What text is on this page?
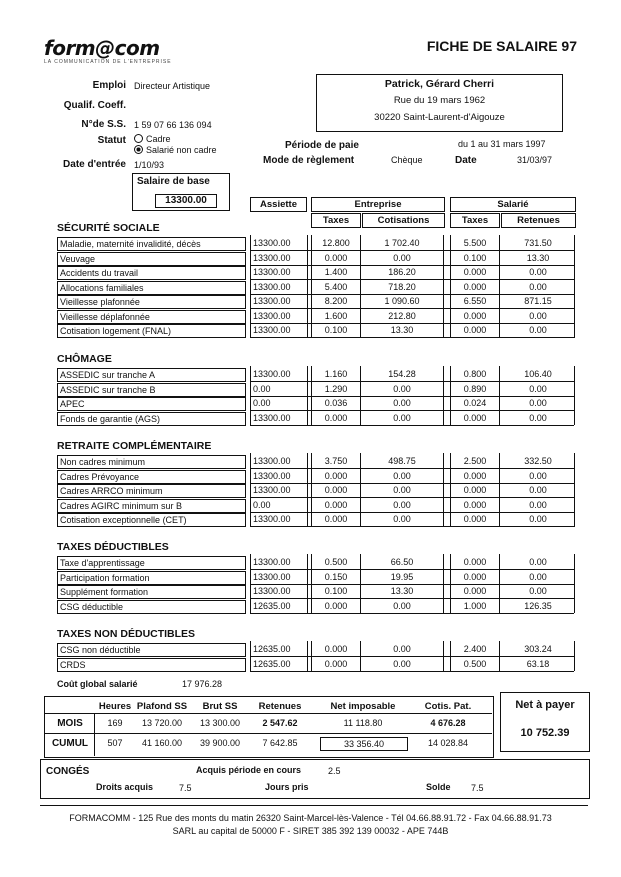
form@com
LA COMMUNICATION DE L'ENTREPRISE
FICHE DE SALAIRE 97
Emploi Directeur Artistique
Qualif. Coeff.
N°de S.S. 1 59 07 66 136 094
Statut	Cadre
Salarié non cadre
Date d'entrée 1/10/93
Patrick, Gérard Cherri
Rue du 19 mars 1962
30220 Saint-Laurent-d'Aigouze
Période de paie	du 1 au 31 mars 1997
Mode de règlement	Chèque	Date	31/03/97
Salaire de base
13300.00	Assiette	Entreprise	Salarié
Taxes	Cotisations	Taxes	Retenues
SÉCURITÉ SOCIALE
Maladie, maternité invalidité, décès	13300.00	12.800	1 702.40	5.500	731.50
Veuvage	13300.00	0.000	0.00	0.100	13.30
Accidents du travail	13300.00	1.400	186.20	0.000	0.00
Allocations familiales	13300.00	5.400	718.20	0.000	0.00
Vieillesse plafonnée	13300.00	8.200	1 090.60	6.550	871.15
Vieillesse déplafonnée	13300.00	1.600	212.80	0.000	0.00
Cotisation logement (FNAL)	13300.00	0.100	13.30	0.000	0.00
CHÔMAGE
ASSEDIC sur tranche A	13300.00	1.160	154.28	0.800	106.40
ASSEDIC sur tranche B	0.00	1.290	0.00	0.890	0.00
APEC	0.00	0.036	0.00	0.024	0.00
Fonds de garantie (AGS)	13300.00	0.000	0.00	0.000	0.00
RETRAITE COMPLÉMENTAIRE
Non cadres minimum	13300.00	3.750	498.75	2.500	332.50
Cadres Prévoyance	13300.00	0.000	0.00	0.000	0.00
Cadres ARRCO minimum	13300.00	0.000	0.00	0.000	0.00
Cadres AGIRC minimum sur B	0.00	0.000	0.00	0.000	0.00
Cotisation exceptionnelle (CET)	13300.00	0.000	0.00	0.000	0.00
TAXES DÉDUCTIBLES
Taxe d'apprentissage	13300.00	0.500	66.50	0.000	0.00
Participation formation	13300.00	0.150	19.95	0.000	0.00
Supplément formation	13300.00	0.100	13.30	0.000	0.00
CSG déductible	12635.00	0.000	0.00	1.000	126.35
TAXES NON DÉDUCTIBLES
CSG non déductible	12635.00	0.000	0.00	2.400	303.24
CRDS	12635.00	0.000	0.00	0.500	63.18
Coût global salarié	17 976.28
Heures Plafond SS	Brut SS	Retenues	Net imposable	Cotis. Pat.
MOIS	169	13 720.00	13 300.00	2 547.62	11 118.80	4 676.28
CUMUL	507	41 160.00	39 900.00	7 642.85	33 356.40	14 028.84
Net à payer
10 752.39
CONGÉS	Acquis période en cours	2.5
Droits acquis	7.5	Jours pris	Solde 7.5
FORMACOMM - 125 Rue des monts du matin 26320 Saint-Marcel-lès-Valence - Tél 04.66.88.91.72 - Fax 04.66.88.91.73
SARL au capital de 50000 F - SIRET 385 392 139 00032 - APE 744B
